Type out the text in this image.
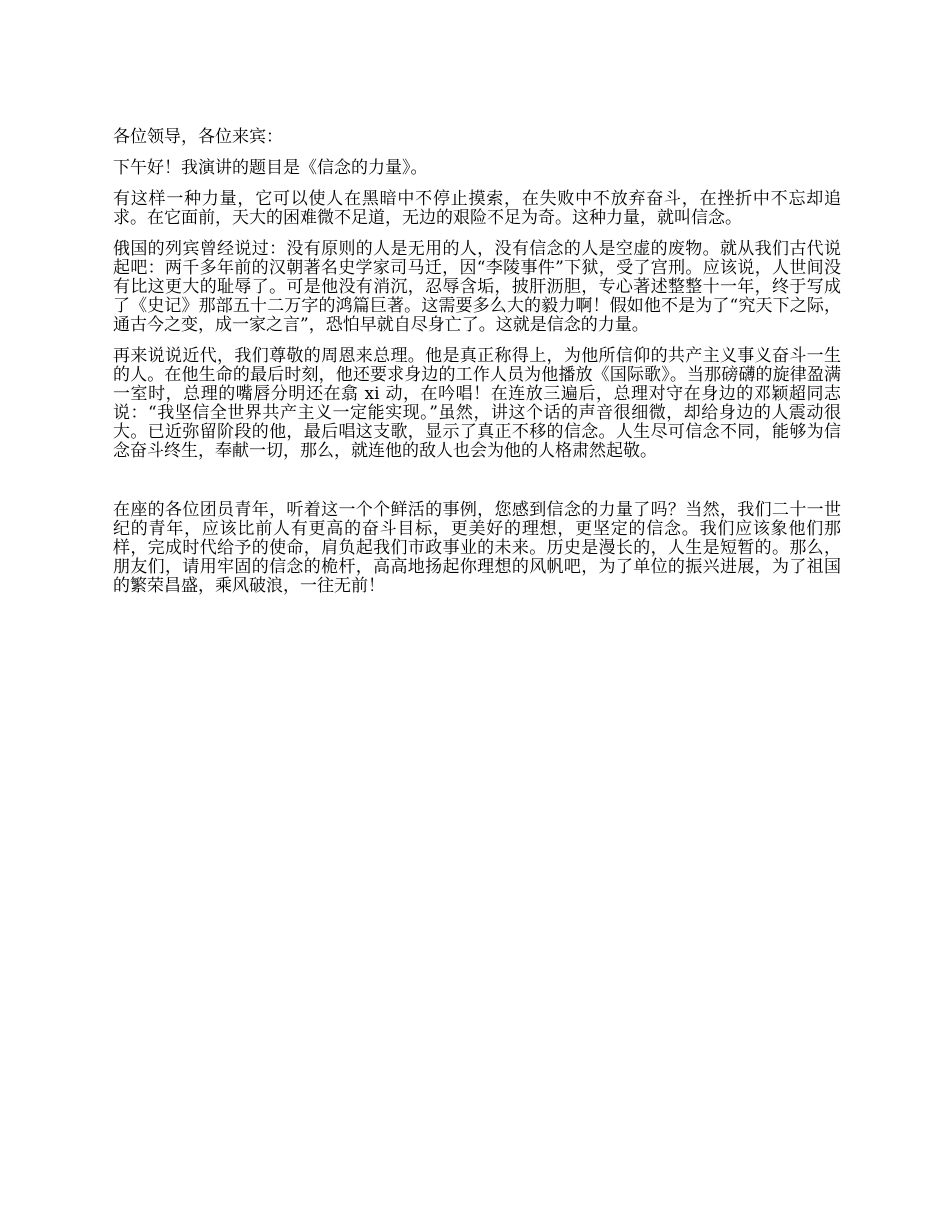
各位领导，各位来宾：

下午好！我演讲的题目是《信念的力量》。

有这样一种力量，它可以使人在黑暗中不停止摸索，在失败中不放弃奋斗，在挫折中不忘却追求。在它面前，天大的困难微不足道，无边的艰险不足为奇。这种力量，就叫信念。

俄国的列宾曾经说过：没有原则的人是无用的人，没有信念的人是空虚的废物。就从我们古代说起吧：两千多年前的汉朝著名史学家司马迁，因“李陵事件”下狱，受了宫刑。应该说，人世间没有比这更大的耻辱了。可是他没有消沉，忍辱含垢，披肝沥胆，专心著述整整十一年，终于写成了《史记》那部五十二万字的鸿篇巨著。这需要多么大的毅力啊！假如他不是为了“究天下之际，通古今之变，成一家之言”，恐怕早就自尽身亡了。这就是信念的力量。

再来说说近代，我们尊敬的周恩来总理。他是真正称得上，为他所信仰的共产主义事义奋斗一生的人。在他生命的最后时刻，他还要求身边的工作人员为他播放《国际歌》。当那磅礴的旋律盈满一室时，总理的嘴唇分明还在翕 xi 动，在吟唱！在连放三遍后，总理对守在身边的邓颖超同志说：“我坚信全世界共产主义一定能实现。”虽然，讲这个话的声音很细微，却给身边的人震动很大。已近弥留阶段的他，最后唱这支歌，显示了真正不移的信念。人生尽可信念不同，能够为信念奋斗终生，奉献一切，那么，就连他的敌人也会为他的人格肃然起敬。

在座的各位团员青年，听着这一个个鲜活的事例，您感到信念的力量了吗？当然，我们二十一世纪的青年，应该比前人有更高的奋斗目标，更美好的理想，更坚定的信念。我们应该象他们那样，完成时代给予的使命，肩负起我们市政事业的未来。历史是漫长的，人生是短暂的。那么，朋友们，请用牢固的信念的桅杆，高高地扬起你理想的风帆吧，为了单位的振兴进展，为了祖国的繁荣昌盛，乘风破浪，一往无前！
